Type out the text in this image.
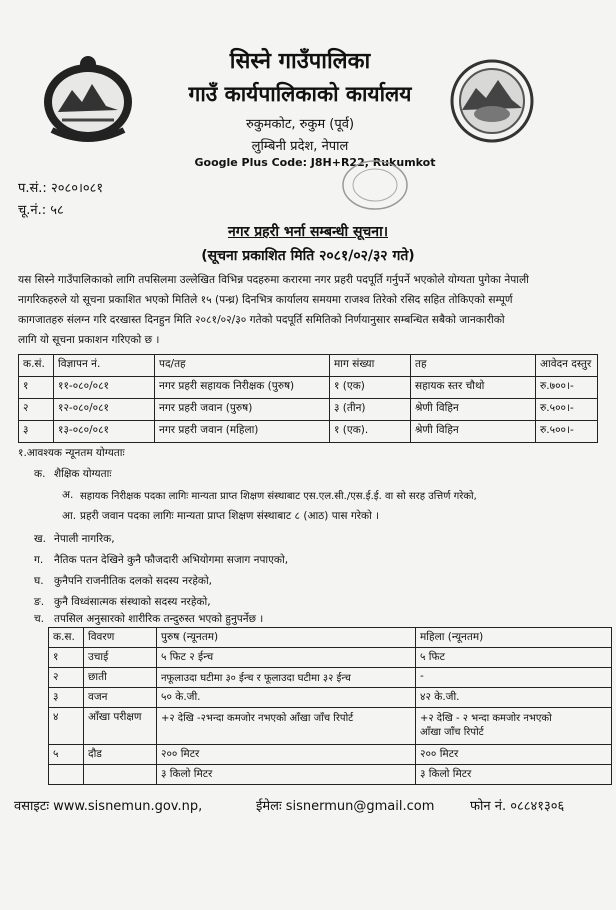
सिस्ने गाउँपालिका
गाउँ कार्यपालिकाको कार्यालय
रुकुमकोट, रुकुम (पूर्व)
लुम्बिनी प्रदेश, नेपाल
Google Plus Code: J8H+R22, Rukumkot
प.सं.: २०८०।०८१
चू.नं.: ५८
नगर प्रहरी भर्ना सम्बन्धी सूचना।
(सूचना प्रकाशित मिति २०८१/०२/३२ गते)
यस सिस्ने गाउँपालिकाको लागि तपसिलमा उल्लेखित विभिन्न पदहरुमा करारमा नगर प्रहरी पदपूर्ति गर्नुपर्ने भएकोले योग्यता पुगेका नेपाली
नागरिकहरुले यो सूचना प्रकाशित भएको मितिले १५ (पन्ध्र) दिनभित्र कार्यालय समयमा राजश्व तिरेको रसिद सहित तोकिएको सम्पूर्ण
कागजातहरु संलग्न गरि दरखास्त दिनहुन मिति २०८१/०२/३० गतेको पदपूर्ति समितिको निर्णयानुसार सम्बन्धित सबैको जानकारीको
लागि यो सूचना प्रकाशन गरिएको छ ।
क.सं.	विज्ञापन नं.	पद/तह	माग संख्या	तह	आवेदन दस्तुर
१	११-०८०/०८१	नगर प्रहरी सहायक निरीक्षक (पुरुष)	१ (एक)	सहायक स्तर चौथो	रु.७००।-
२	१२-०८०/०८१	नगर प्रहरी जवान (पुरुष)	३ (तीन)	श्रेणी विहिन	रु.५००।-
३	१३-०८०/०८१	नगर प्रहरी जवान (महिला)	१ (एक).	श्रेणी विहिन	रु.५००।-
१.आवश्यक न्यूनतम योग्यताः
क. शैक्षिक योग्यताः
अ. सहायक निरीक्षक पदका लागिः मान्यता प्राप्त शिक्षण संस्थाबाट एस.एल.सी./एस.ई.ई. वा सो सरह उत्तिर्ण गरेको,
आ. प्रहरी जवान पदका लागिः मान्यता प्राप्त शिक्षण संस्थाबाट ८ (आठ) पास गरेको ।
ख. नेपाली नागरिक,
ग. नैतिक पतन देखिने कुनै फौजदारी अभियोगमा सजाग नपाएको,
घ. कुनैपनि राजनीतिक दलको सदस्य नरहेको,
ङ. कुनै विध्वंसात्मक संस्थाको सदस्य नरहेको,
च. तपसिल अनुसारको शारीरिक तन्दुरुस्त भएको हुनुपर्नेछ ।
क.स.	विवरण	पुरुष (न्यूनतम)	महिला (न्यूनतम)
१	उचाई	५ फिट २ ईन्च	५ फिट
२	छाती	नफूलाउदा घटीमा ३० ईन्च र फूलाउदा घटीमा ३२ ईन्च	-
३	वजन	५० के.जी.	४२ के.जी.
४	आँखा परीक्षण	+२ देखि -२भन्दा कमजोर नभएको आँखा जाँच रिपोर्ट	+२ देखि - २ भन्दा कमजोर नभएको
आँखा जाँच रिपोर्ट

५	दौड	२०० मिटर	२०० मिटर
		३ किलो मिटर	३ किलो मिटर
वसाइटः www.sisnemun.gov.np,	ईमेलः sisnermun@gmail.com	फोन नं. ०८८४१३०६
